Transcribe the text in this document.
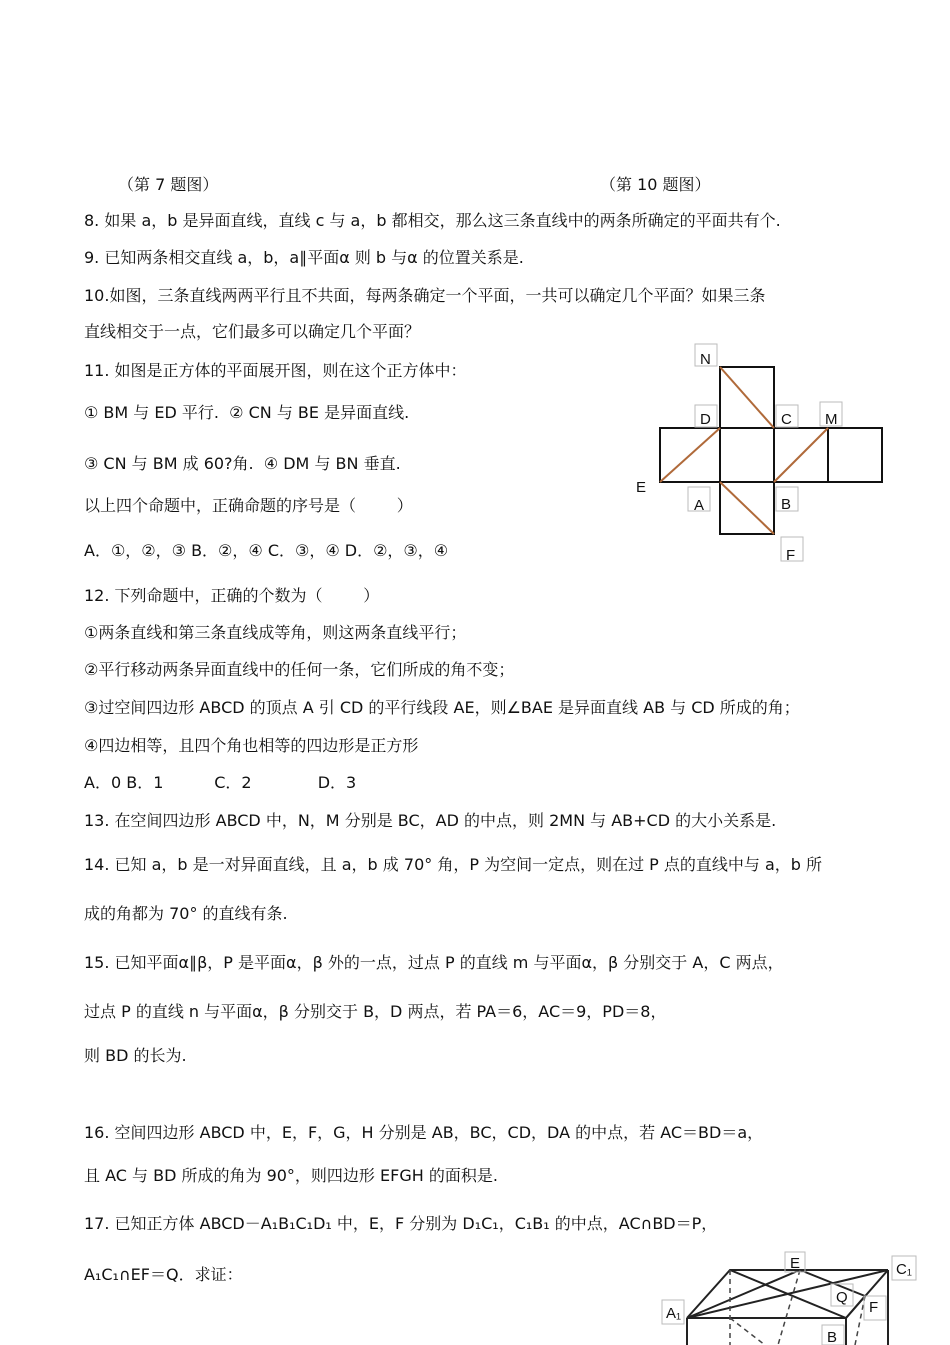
（第 7 题图）	（第 10 题图）
8. 如果 a，b 是异面直线，直线 c 与 a，b 都相交，那么这三条直线中的两条所确定的平面共有个.
9. 已知两条相交直线 a，b，a∥平面α 则 b 与α 的位置关系是.
10.如图，三条直线两两平行且不共面，每两条确定一个平面，一共可以确定几个平面？如果三条
直线相交于一点，它们最多可以确定几个平面？
11. 如图是正方体的平面展开图，则在这个正方体中：
① BM 与 ED 平行.  ② CN 与 BE 是异面直线.
③ CN 与 BM 成 60?角.  ④ DM 与 BN 垂直.
以上四个命题中，正确命题的序号是（        ）
A．①，②，③ B．②，④ C．③，④ D．②，③，④
N
D	C M
E
A	B
F
12. 下列命题中，正确的个数为（        ）
①两条直线和第三条直线成等角，则这两条直线平行；
②平行移动两条异面直线中的任何一条，它们所成的角不变；
③过空间四边形 ABCD 的顶点 A 引 CD 的平行线段 AE，则∠BAE 是异面直线 AB 与 CD 所成的角；
④四边相等，且四个角也相等的四边形是正方形
A．0 B．1          C．2             D．3
13. 在空间四边形 ABCD 中，N，M 分别是 BC，AD 的中点，则 2MN 与 AB+CD 的大小关系是.
14. 已知 a，b 是一对异面直线，且 a，b 成 70° 角，P 为空间一定点，则在过 P 点的直线中与 a，b 所
成的角都为 70° 的直线有条.
15. 已知平面α∥β，P 是平面α，β 外的一点，过点 P 的直线 m 与平面α，β 分别交于 A，C 两点，
过点 P 的直线 n 与平面α，β 分别交于 B，D 两点，若 PA＝6，AC＝9，PD＝8，
则 BD 的长为.
16. 空间四边形 ABCD 中，E，F，G，H 分别是 AB，BC，CD，DA 的中点，若 AC＝BD＝a，
且 AC 与 BD 所成的角为 90°，则四边形 EFGH 的面积是.
17. 已知正方体 ABCD－A₁B₁C₁D₁ 中，E，F 分别为 D₁C₁，C₁B₁ 的中点，AC∩BD＝P，
A₁C₁∩EF＝Q．求证：
E	C₁
Q
A₁	F
B
